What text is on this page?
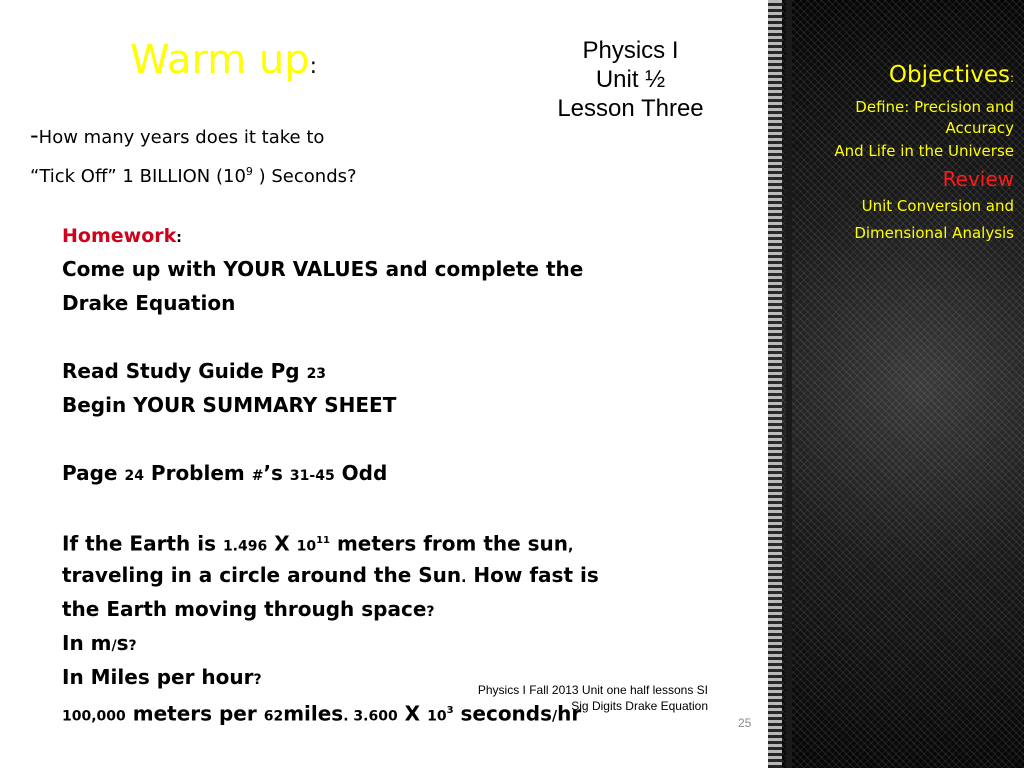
Warm up:
Physics I
Unit ½
Lesson Three
-How many years does it take to
“Tick Off” 1 BILLION ($10^9$ ) Seconds?
Homework:
Come up with YOUR VALUES and complete the
Drake Equation
Read Study Guide Pg 23
Begin YOUR SUMMARY SHEET
Page 24 Problem #’s 31-45 Odd
If the Earth is 1.496 X $10^{11}$ meters from the sun,
traveling in a circle around the Sun. How fast is
the Earth moving through space?
In m/s?
In Miles per hour?
100,000 meters per 62miles. 3.600 X $10^3$ seconds/hr
Physics I Fall 2013 Unit one half lessons SI
Sig Digits Drake Equation
25
Objectives:
Define: Precision and Accuracy
And Life in the Universe
Review
Unit Conversion and
Dimensional Analysis
